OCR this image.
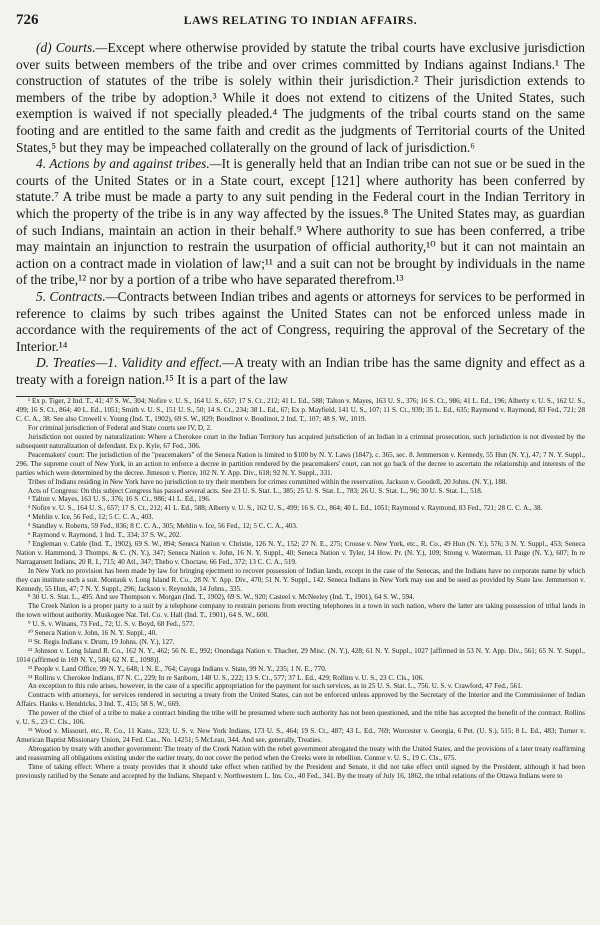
726	LAWS RELATING TO INDIAN AFFAIRS.

(d) Courts.—Except where otherwise provided by statute the tribal courts have exclusive jurisdiction over suits between members of the tribe and over crimes committed by Indians against Indians.¹ The construction of statutes of the tribe is solely within their jurisdiction.² Their jurisdiction extends to members of the tribe by adoption.³ While it does not extend to citizens of the United States, such exemption is waived if not specially pleaded.⁴ The judgments of the tribal courts stand on the same footing and are entitled to the same faith and credit as the judgments of Territorial courts of the United States,⁵ but they may be impeached collaterally on the ground of lack of jurisdiction.⁶

4. Actions by and against tribes.—It is generally held that an Indian tribe can not sue or be sued in the courts of the United States or in a State court, except [121] where authority has been conferred by statute.⁷ A tribe must be made a party to any suit pending in the Federal court in the Indian Territory in which the property of the tribe is in any way affected by the issues.⁸ The United States may, as guardian of such Indians, maintain an action in their behalf.⁹ Where authority to sue has been conferred, a tribe may maintain an injunction to restrain the usurpation of official authority,¹⁰ but it can not maintain an action on a contract made in violation of law;¹¹ and a suit can not be brought by individuals in the name of the tribe,¹² nor by a portion of a tribe who have separated therefrom.¹³

5. Contracts.—Contracts between Indian tribes and agents or attorneys for services to be performed in reference to claims by such tribes against the United States can not be enforced unless made in accordance with the requirements of the act of Congress, requiring the approval of the Secretary of the Interior.¹⁴

D. Treaties—1. Validity and effect.—A treaty with an Indian tribe has the same dignity and effect as a treaty with a foreign nation.¹⁵ It is a part of the law

¹ Ex p. Tiger, 2 Ind. T., 41; 47 S. W., 304; Nofire v. U. S., 164 U. S., 657; 17 S. Ct., 212; 41 L. Ed., 588; Talton v. Mayes, 163 U. S., 376; 16 S. Ct., 986; 41 L. Ed., 196; Alberty v. U. S., 162 U. S., 499; 16 S. Ct., 864; 40 L. Ed., 1051; Smith v. U. S., 151 U. S., 50; 14 S. Ct., 234; 38 L. Ed., 67; Ex p. Mayfield, 141 U. S., 107; 11 S. Ct., 939; 35 L. Ed., 635; Raymond v. Raymond, 83 Fed., 721; 28 C. C. A., 38. See also Crowell v. Young (Ind. T., 1902), 69 S. W., 829; Boudinot v. Boudinot, 2 Ind. T., 107; 48 S. W., 1019.

For criminal jurisdiction of Federal and State courts see IV, D, 2.

Jurisdiction not ousted by naturalization: Where a Cherokee court in the Indian Territory has acquired jurisdiction of an Indian in a criminal prosecution, such jurisdiction is not divested by the subsequent naturalization of defendant. Ex p. Kyle, 67 Fed., 306.

Peacemakers' court: The jurisdiction of the "peacemakers" of the Seneca Nation is limited to $100 by N. Y. Laws (1847), c. 365, sec. 8. Jemmerson v. Kennedy, 55 Hun (N. Y.), 47; 7 N. Y. Suppl., 296. The supreme court of New York, in an action to enforce a decree in partition rendered by the peacemakers' court, can not go back of the decree to ascertain the relationship and interests of the parties which were determined by the decree. Jimeson v. Pierce, 102 N. Y. App. Div., 618; 92 N. Y. Suppl., 331.

Tribes of Indians residing in New York have no jurisdiction to try their members for crimes committed within the reservation. Jackson v. Goodell, 20 Johns. (N. Y.), 188.

Acts of Congress: On this subject Congress has passed several acts. See 23 U. S. Stat. L., 385; 25 U. S. Stat. L., 783; 26 U. S. Stat. L., 96; 30 U. S. Stat. L., 518.

² Talton v. Mayes, 163 U. S., 376; 16 S. Ct., 986; 41 L. Ed., 196.

³ Nofire v. U. S., 164 U. S., 657; 17 S. Ct., 212; 41 L. Ed., 588; Alberty v. U. S., 162 U. S., 499; 16 S. Ct., 864; 40 L. Ed., 1051; Raymond v. Raymond, 83 Fed., 721; 28 C. C. A., 38.

⁴ Mehlin v. Ice, 56 Fed., 12; 5 C. C. A., 403.

⁵ Standley v. Roberts, 59 Fed., 836; 8 C. C. A., 305; Mehlin v. Ice, 56 Fed., 12; 5 C. C. A., 403.

⁶ Raymond v. Raymond, 1 Ind. T., 334; 37 S. W., 202.

⁷ Engleman v. Cable (Ind. T., 1902), 69 S. W., 894; Seneca Nation v. Christie, 126 N. Y., 152; 27 N. E., 275; Crouse v. New York, etc., R. Co., 49 Hun (N. Y.), 576; 3 N. Y. Suppl., 453; Seneca Nation v. Hammond, 3 Thomps. & C. (N. Y.), 347; Seneca Nation v. John, 16 N. Y. Suppl., 40; Seneca Nation v. Tyler, 14 How. Pr. (N. Y.), 109; Strong v. Waterman, 11 Paige (N. Y.), 607; In re Narragansett Indians, 20 R. I., 715; 40 Atl., 347; Thebo v. Choctaw, 66 Fed., 372; 13 C. C. A., 519.

In New York no provision has been made by law for bringing ejectment to recover possession of Indian lands, except in the case of the Senecas, and the Indians have no corporate name by which they can institute such a suit. Montauk v. Long Island R. Co., 28 N. Y. App. Div., 470; 51 N. Y. Suppl., 142. Seneca Indians in New York may sue and be sued as provided by State law. Jemmerson v. Kennedy, 55 Hun, 47; 7 N. Y. Suppl., 296; Jackson v. Reynolds, 14 Johns., 335.

⁸ 30 U. S. Stat. L., 495. And see Thompson v. Morgan (Ind. T., 1902), 69 S. W., 920; Casteel v. McNeeley (Ind. T., 1901), 64 S. W., 594.

The Creek Nation is a proper party to a suit by a telephone company to restrain persons from erecting telephones in a town in such nation, where the latter are taking possession of tribal lands in the town without authority. Muskogee Nat. Tel. Co. v. Hall (Ind. T., 1901), 64 S. W., 600.

⁹ U. S. v. Winans, 73 Fed., 72; U. S. v. Boyd, 68 Fed., 577.

¹⁰ Seneca Nation v. John, 16 N. Y. Suppl., 40.

¹¹ St. Regis Indians v. Drum, 19 Johns. (N. Y.), 127.

¹² Johnson v. Long Island R. Co., 162 N. Y., 462; 56 N. E., 992; Onondaga Nation v. Thacher, 29 Misc. (N. Y.), 428; 61 N. Y. Suppl., 1027 [affirmed in 53 N. Y. App. Div., 561; 65 N. Y. Suppl., 1014 (affirmed in 169 N. Y., 584; 62 N. E., 1098)].

¹³ People v. Land Office, 99 N. Y., 648; 1 N. E., 764; Cayuga Indians v. State, 99 N. Y., 235; 1 N. E., 770.

¹⁴ Rollins v. Cherokee Indians, 87 N. C., 229; In re Sanborn, 148 U. S., 222; 13 S. Ct., 577; 37 L. Ed., 429; Rollins v. U. S., 23 C. Cls., 106.

An exception to this rule arises, however, in the case of a specific appropriation for the payment for such services, as in 25 U. S. Stat. L., 756. U. S. v. Crawford, 47 Fed., 561.

Contracts with attorneys, for services rendered in securing a treaty from the United States, can not be enforced unless approved by the Secretary of the Interior and the Commissioner of Indian Affairs. Hanks v. Hendricks, 3 Ind. T., 415; 58 S. W., 669.

The power of the chief of a tribe to make a contract binding the tribe will be presumed where such authority has not been questioned, and the tribe has accepted the benefit of the contract. Rollins v. U. S., 23 C. Cls., 106.

¹⁵ Wood v. Missouri, etc., R. Co., 11 Kans., 323; U. S. v. New York Indians, 173 U. S., 464; 19 S. Ct., 487; 43 L. Ed., 769; Worcester v. Georgia, 6 Pet. (U. S.), 515; 8 L. Ed., 483; Turner v. American Baptist Missionary Union, 24 Fed. Cas., No. 14251; 5 McLean, 344. And see, generally, Treaties.

Abrogation by treaty with another government: The treaty of the Creek Nation with the rebel government abrogated the treaty with the United States, and the provisions of a later treaty reaffirming and reassuming all obligations existing under the earlier treaty, do not cover the period when the Creeks were in rebellion. Connor v. U. S., 19 C. Cls., 675.

Time of taking effect: Where a treaty provides that it should take effect when ratified by the President and Senate, it did not take effect until signed by the President, although it had been previously ratified by the Senate and accepted by the Indians. Shepard v. Northwestern L. Ins. Co., 40 Fed., 341. By the treaty of July 16, 1862, the tribal relations of the Ottawa Indians were to
